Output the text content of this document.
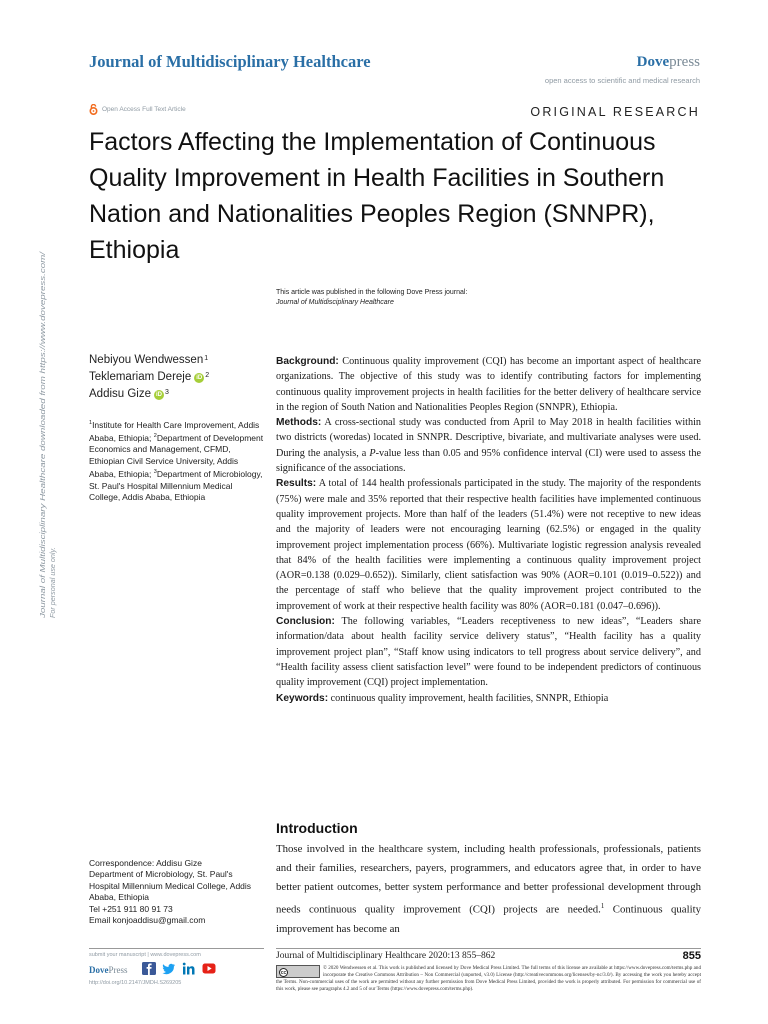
Journal of Multidisciplinary Healthcare	Dovepress
open access to scientific and medical research
Open Access Full Text Article	ORIGINAL RESEARCH
Factors Affecting the Implementation of Continuous
Quality Improvement in Health Facilities in Southern
Nation and Nationalities Peoples Region (SNNPR),
Ethiopia
Journal of Multidisciplinary Healthcare downloaded from https://www.dovepress.com/ For personal use only.
This article was published in the following Dove Press journal:
Journal of Multidisciplinary Healthcare
Nebiyou Wendwessen$^1$
Teklemariam Dereje iD $^2$
Addisu Gize iD $^3$
$^1$Institute for Health Care Improvement, Addis Ababa, Ethiopia; $^2$Department of Development Economics and Management, CFMD, Ethiopian Civil Service University, Addis Ababa, Ethiopia; $^3$Department of Microbiology, St. Paul's Hospital Millennium Medical College, Addis Ababa, Ethiopia

Background: Continuous quality improvement (CQI) has become an important aspect of healthcare organizations. The objective of this study was to identify contributing factors for implementing continuous quality improvement projects in health facilities for the better delivery of healthcare service in the region of South Nation and Nationalities Peoples Region (SNNPR), Ethiopia.

Methods: A cross-sectional study was conducted from April to May 2018 in health facilities within two districts (woredas) located in SNNPR. Descriptive, bivariate, and multivariate analyses were used. During the analysis, a P-value less than 0.05 and 95% confidence interval (CI) were used to assess the significance of the associations.

Results: A total of 144 health professionals participated in the study. The majority of the respondents (75%) were male and 35% reported that their respective health facilities have implemented continuous quality improvement projects. More than half of the leaders (51.4%) were not receptive to new ideas and the majority of leaders were not encouraging learning (62.5%) or engaged in the quality improvement project implementation process (66%). Multivariate logistic regression analysis revealed that 84% of the health facilities were implementing a continuous quality improvement project (AOR=0.138 (0.029–0.652)). Similarly, client satisfaction was 90% (AOR=0.101 (0.019–0.522)) and the percentage of staff who believe that the quality improvement project contributed to the improvement of work at their respective health facility was 80% (AOR=0.181 (0.047–0.696)).

Conclusion: The following variables, “Leaders receptiveness to new ideas”, “Leaders share information/data about health facility service delivery status”, “Health facility has a quality improvement project plan”, “Staff know using indicators to tell progress about service delivery”, and “Health facility assess client satisfaction level” were found to be independent predictors of continuous quality improvement (CQI) project implementation.

Keywords: continuous quality improvement, health facilities, SNNPR, Ethiopia

Introduction
Those involved in the healthcare system, including health professionals, professionals, patients and their families, researchers, payers, programmers, and educators agree that, in order to have better patient outcomes, better system performance and better professional development through needs continuous quality improvement (CQI) projects are needed.$^1$ Continuous quality improvement has become an
Correspondence: Addisu Gize
Department of Microbiology, St. Paul's Hospital Millennium Medical College, Addis Ababa, Ethiopia
Tel +251 911 80 91 73
Email konjoaddisu@gmail.com
submit your manuscript | www.dovepress.com
DovePress
http://doi.org/10.2147/JMDH.S269205
Journal of Multidisciplinary Healthcare 2020:13 855–862	855
cc
© 2020 Wendwessen et al. This work is published and licensed by Dove Medical Press Limited. The full terms of this license are available at https://www.dovepress.com/terms.php and incorporate the Creative Commons Attribution – Non Commercial (unported, v3.0) License (http://creativecommons.org/licenses/by-nc/3.0/). By accessing the work you hereby accept the Terms. Non-commercial uses of the work are permitted without any further permission from Dove Medical Press Limited, provided the work is properly attributed. For permission for commercial use of this work, please see paragraphs 4.2 and 5 of our Terms (https://www.dovepress.com/terms.php).
